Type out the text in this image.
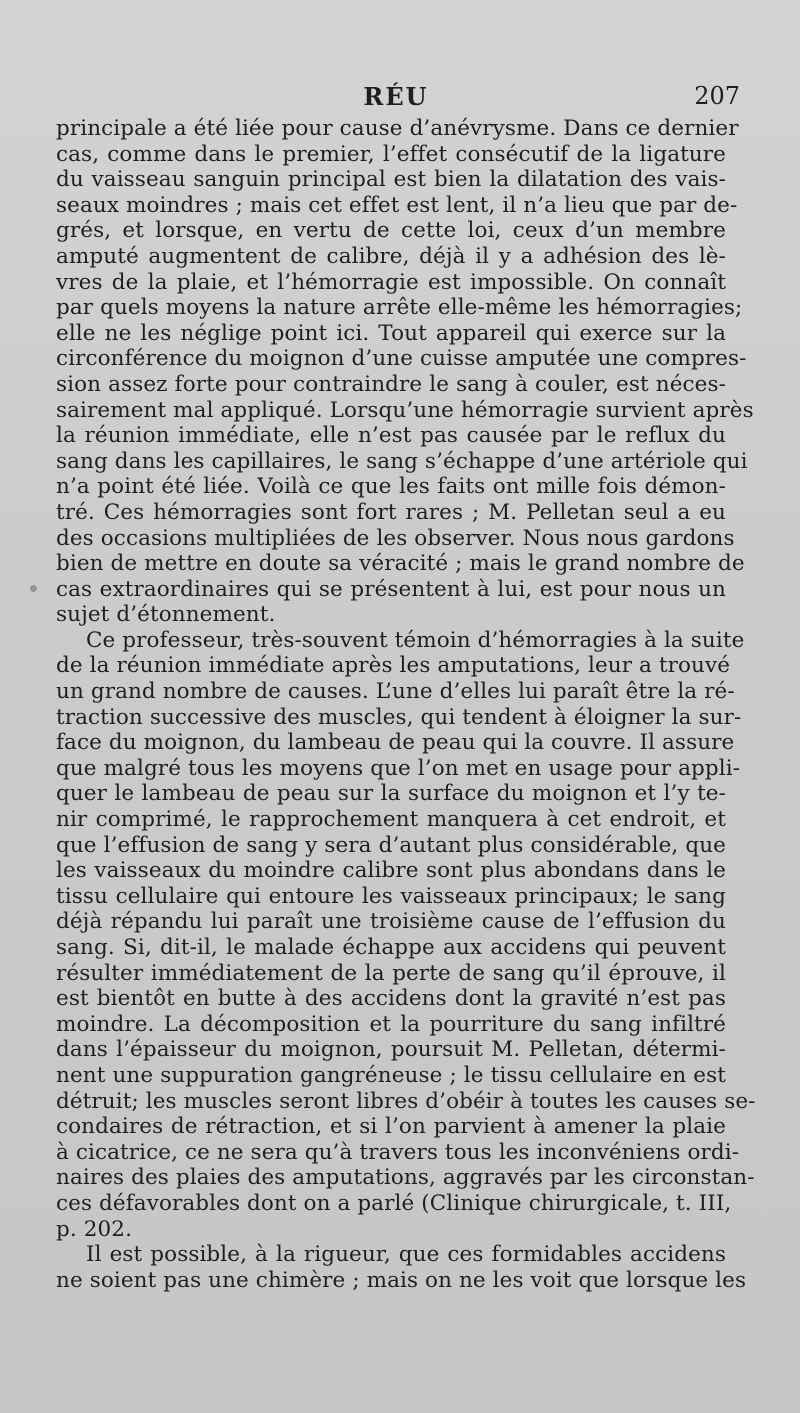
RÉU	207
principale a été liée pour cause d’anévrysme. Dans ce dernier
cas, comme dans le premier, l’effet consécutif de la ligature
du vaisseau sanguin principal est bien la dilatation des vais-
seaux moindres ; mais cet effet est lent, il n’a lieu que par de-
grés, et lorsque, en vertu de cette loi, ceux d’un membre
amputé augmentent de calibre, déjà il y a adhésion des lè-
vres de la plaie, et l’hémorragie est impossible. On connaît
par quels moyens la nature arrête elle-même les hémorragies;
elle ne les néglige point ici. Tout appareil qui exerce sur la
circonférence du moignon d’une cuisse amputée une compres-
sion assez forte pour contraindre le sang à couler, est néces-
sairement mal appliqué. Lorsqu’une hémorragie survient après
la réunion immédiate, elle n’est pas causée par le reflux du
sang dans les capillaires, le sang s’échappe d’une artériole qui
n’a point été liée. Voilà ce que les faits ont mille fois démon-
tré. Ces hémorragies sont fort rares ; M. Pelletan seul a eu
des occasions multipliées de les observer. Nous nous gardons
bien de mettre en doute sa véracité ; mais le grand nombre de
cas extraordinaires qui se présentent à lui, est pour nous un
sujet d’étonnement.
Ce professeur, très-souvent témoin d’hémorragies à la suite
de la réunion immédiate après les amputations, leur a trouvé
un grand nombre de causes. L’une d’elles lui paraît être la ré-
traction successive des muscles, qui tendent à éloigner la sur-
face du moignon, du lambeau de peau qui la couvre. Il assure
que malgré tous les moyens que l’on met en usage pour appli-
quer le lambeau de peau sur la surface du moignon et l’y te-
nir comprimé, le rapprochement manquera à cet endroit, et
que l’effusion de sang y sera d’autant plus considérable, que
les vaisseaux du moindre calibre sont plus abondans dans le
tissu cellulaire qui entoure les vaisseaux principaux; le sang
déjà répandu lui paraît une troisième cause de l’effusion du
sang. Si, dit-il, le malade échappe aux accidens qui peuvent
résulter immédiatement de la perte de sang qu’il éprouve, il
est bientôt en butte à des accidens dont la gravité n’est pas
moindre. La décomposition et la pourriture du sang infiltré
dans l’épaisseur du moignon, poursuit M. Pelletan, détermi-
nent une suppuration gangréneuse ; le tissu cellulaire en est
détruit; les muscles seront libres d’obéir à toutes les causes se-
condaires de rétraction, et si l’on parvient à amener la plaie
à cicatrice, ce ne sera qu’à travers tous les inconvéniens ordi-
naires des plaies des amputations, aggravés par les circonstan-
ces défavorables dont on a parlé (Clinique chirurgicale, t. III,
p. 202.
Il est possible, à la rigueur, que ces formidables accidens
ne soient pas une chimère ; mais on ne les voit que lorsque les
